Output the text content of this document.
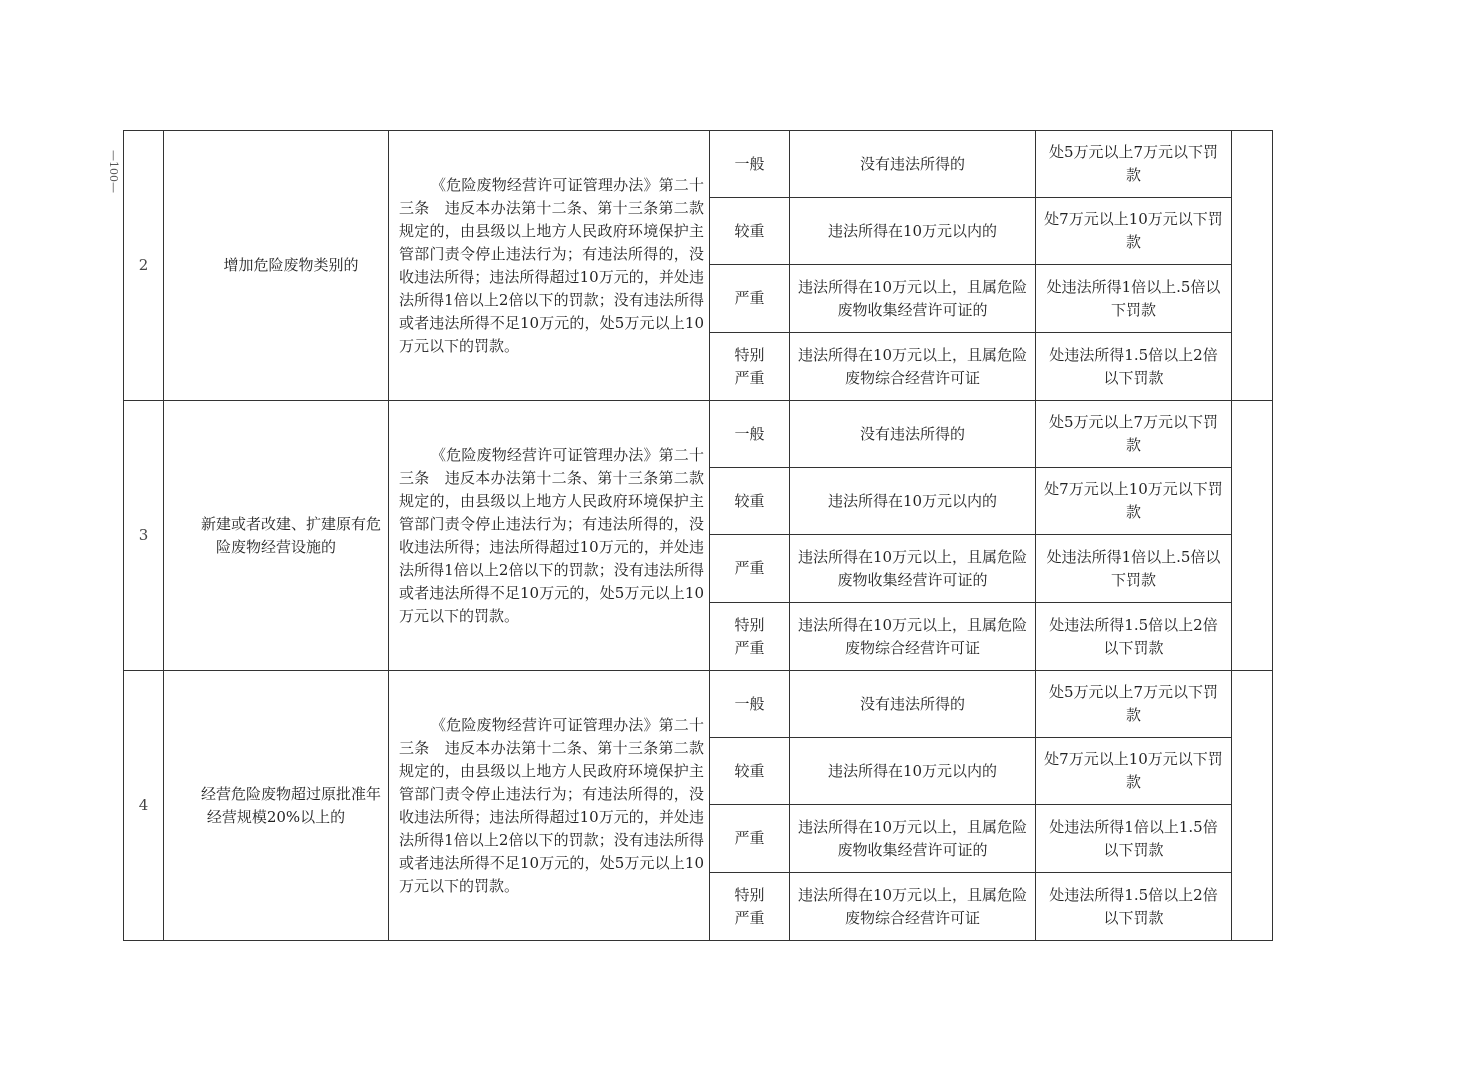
—100—
2	增加危险废物类别的	《危险废物经营许可证管理办法》第二十三条　违反本办法第十二条、第十三条第二款规定的，由县级以上地方人民政府环境保护主管部门责令停止违法行为；有违法所得的，没收违法所得；违法所得超过10万元的，并处违法所得1倍以上2倍以下的罚款；没有违法所得或者违法所得不足10万元的，处5万元以上10万元以下的罚款。	一般	没有违法所得的	处5万元以上7万元以下罚款	
			较重	违法所得在10万元以内的	处7万元以上10万元以下罚款	
			严重	违法所得在10万元以上，且属危险废物收集经营许可证的	处违法所得1倍以上.5倍以下罚款	
			特别严重	违法所得在10万元以上，且属危险废物综合经营许可证	处违法所得1.5倍以上2倍以下罚款	
3	新建或者改建、扩建原有危险废物经营设施的	《危险废物经营许可证管理办法》第二十三条　违反本办法第十二条、第十三条第二款规定的，由县级以上地方人民政府环境保护主管部门责令停止违法行为；有违法所得的，没收违法所得；违法所得超过10万元的，并处违法所得1倍以上2倍以下的罚款；没有违法所得或者违法所得不足10万元的，处5万元以上10万元以下的罚款。	一般	没有违法所得的	处5万元以上7万元以下罚款	
			较重	违法所得在10万元以内的	处7万元以上10万元以下罚款	
			严重	违法所得在10万元以上，且属危险废物收集经营许可证的	处违法所得1倍以上.5倍以下罚款	
			特别严重	违法所得在10万元以上，且属危险废物综合经营许可证	处违法所得1.5倍以上2倍以下罚款	
4	经营危险废物超过原批准年经营规模20%以上的	《危险废物经营许可证管理办法》第二十三条　违反本办法第十二条、第十三条第二款规定的，由县级以上地方人民政府环境保护主管部门责令停止违法行为；有违法所得的，没收违法所得；违法所得超过10万元的，并处违法所得1倍以上2倍以下的罚款；没有违法所得或者违法所得不足10万元的，处5万元以上10万元以下的罚款。	一般	没有违法所得的	处5万元以上7万元以下罚款	
			较重	违法所得在10万元以内的	处7万元以上10万元以下罚款	
			严重	违法所得在10万元以上，且属危险废物收集经营许可证的	处违法所得1倍以上1.5倍以下罚款	
			特别严重	违法所得在10万元以上，且属危险废物综合经营许可证	处违法所得1.5倍以上2倍以下罚款	
